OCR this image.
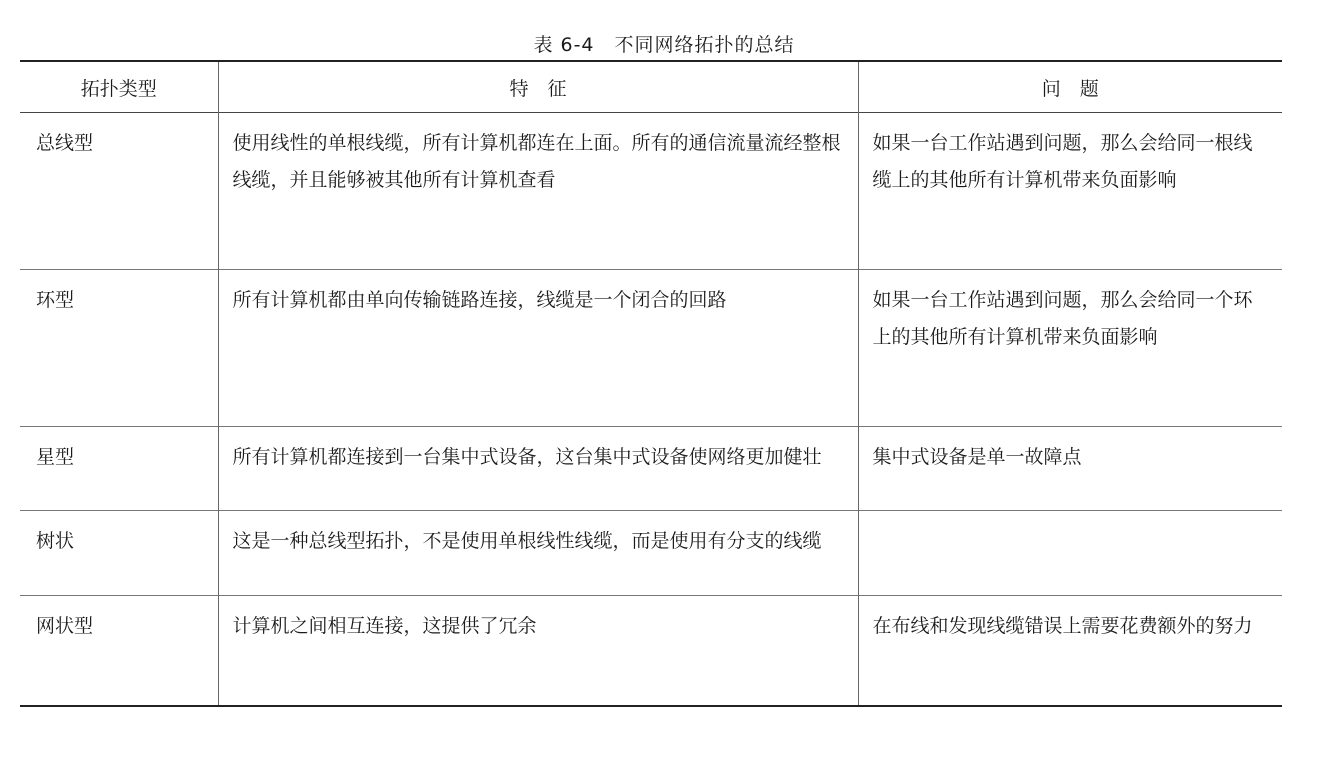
表 6-4　不同网络拓扑的总结
拓扑类型	特　征	问　题
总线型	使用线性的单根线缆，所有计算机都连在上面。所有的通信流量流经整根线缆，并且能够被其他所有计算机查看	如果一台工作站遇到问题，那么会给同一根线缆上的其他所有计算机带来负面影响
环型	所有计算机都由单向传输链路连接，线缆是一个闭合的回路	如果一台工作站遇到问题，那么会给同一个环上的其他所有计算机带来负面影响
星型	所有计算机都连接到一台集中式设备，这台集中式设备使网络更加健壮	集中式设备是单一故障点
树状	这是一种总线型拓扑，不是使用单根线性线缆，而是使用有分支的线缆	
网状型	计算机之间相互连接，这提供了冗余	在布线和发现线缆错误上需要花费额外的努力
